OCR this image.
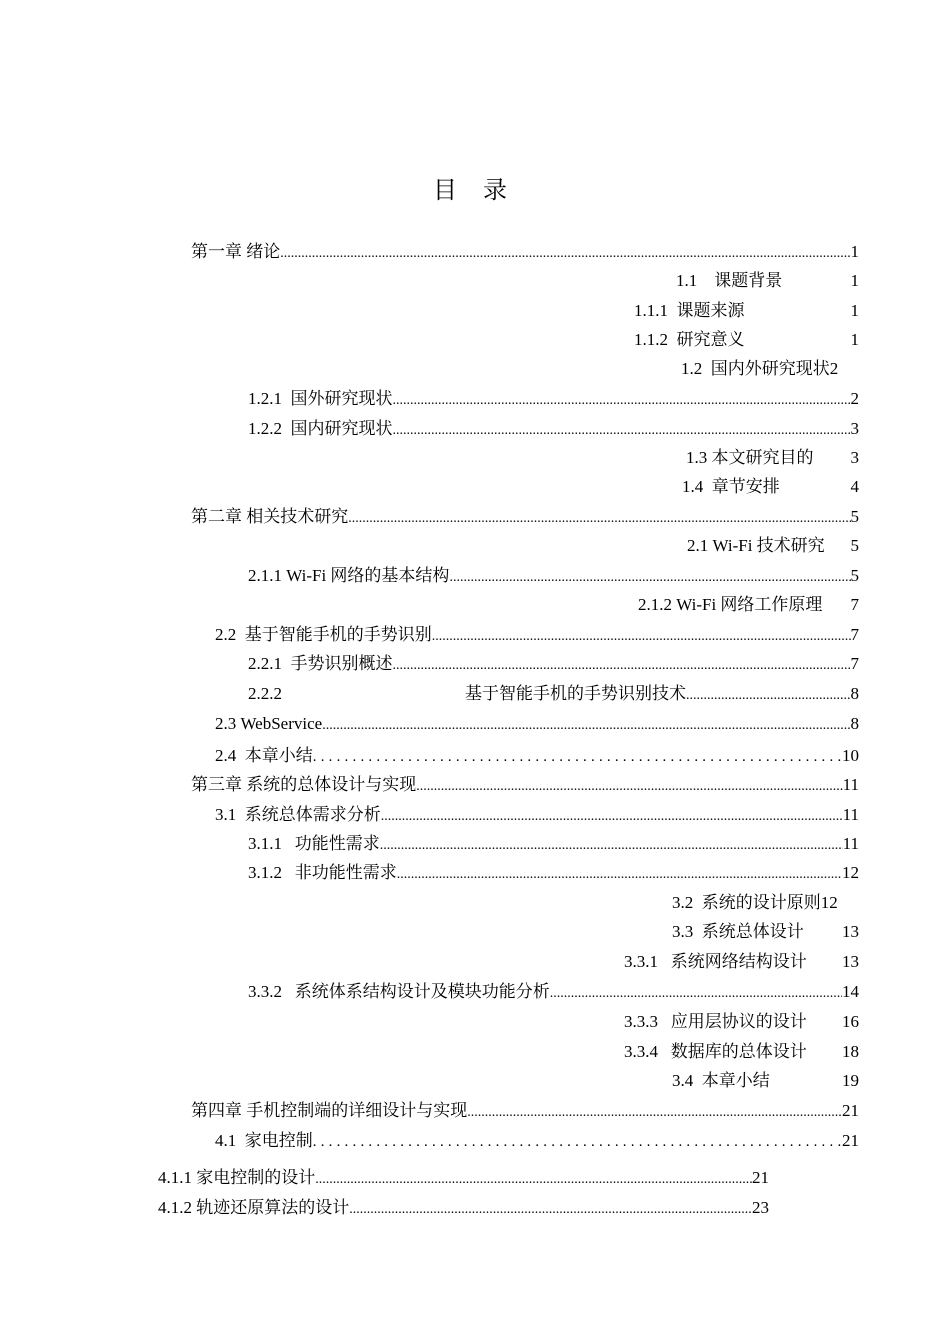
目 录
第一章 绪论 .....	1
1.1 课题背景	1
1.1.1 课题来源	1
1.1.2 研究意义	1
1.2 国内外研究现状2
1.2.1 国外研究现状 .....	2
1.2.2 国内研究现状 .....	3
1.3 本文研究目的 3
1.4 章节安排	4
第二章 相关技术研究 .....	5
2.1 Wi-Fi 技术研究 5
2.1.1 Wi-Fi 网络的基本结构 .....	5
2.1.2 Wi-Fi 网络工作原理 7
2.2 基于智能手机的手势识别 .....	7
2.2.1 手势识别概述 .....	7
2.2.2	基于智能手机的手势识别技术 .....	8
2.3 WebService .....	8
2.4 本章小结 .....	10
第三章 系统的总体设计与实现 .....	11
3.1 系统总体需求分析 .....	11
3.1.1 功能性需求 .....	11
3.1.2 非功能性需求 .....	12
3.2 系统的设计原则12
3.3 系统总体设计 13
3.3.1 系统网络结构设计 13
3.3.2 系统体系结构设计及模块功能分析 .....	14
3.3.3 应用层协议的设计 16
3.3.4 数据库的总体设计 18
3.4 本章小结	19
第四章 手机控制端的详细设计与实现 .....	21
4.1 家电控制 .....	21
4.1.1 家电控制的设计 .....	21
4.1.2 轨迹还原算法的设计 .....	23
